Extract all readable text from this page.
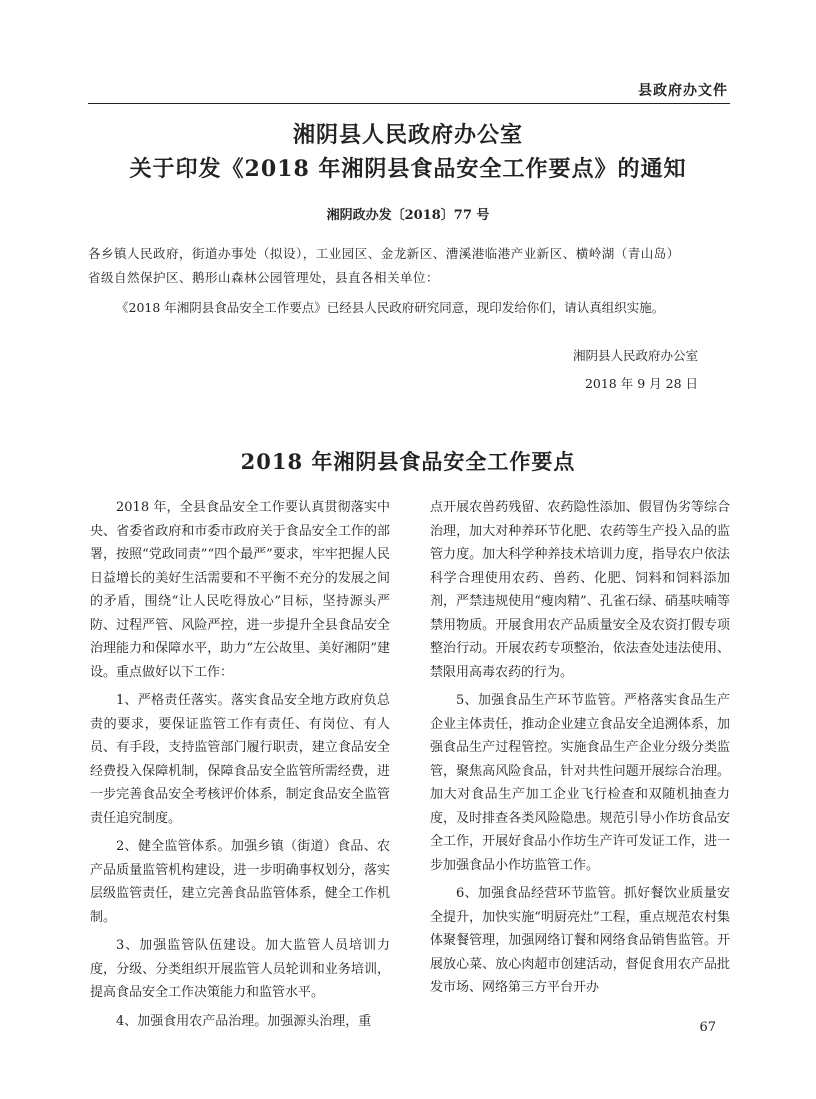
县政府办文件
湘阴县人民政府办公室
关于印发《2018 年湘阴县食品安全工作要点》的通知
湘阴政办发〔2018〕77 号
各乡镇人民政府，街道办事处（拟设），工业园区、金龙新区、漕溪港临港产业新区、横岭湖（青山岛）
省级自然保护区、鹅形山森林公园管理处，县直各相关单位：
《2018 年湘阴县食品安全工作要点》已经县人民政府研究同意，现印发给你们，请认真组织实施。
湘阴县人民政府办公室
2018 年 9 月 28 日
2018 年湘阴县食品安全工作要点

2018 年，全县食品安全工作要认真贯彻落实中央、省委省政府和市委市政府关于食品安全工作的部署，按照“党政同责”“四个最严”要求，牢牢把握人民日益增长的美好生活需要和不平衡不充分的发展之间的矛盾，围绕“让人民吃得放心”目标，坚持源头严防、过程严管、风险严控，进一步提升全县食品安全治理能力和保障水平，助力“左公故里、美好湘阴”建设。重点做好以下工作：

1、严格责任落实。落实食品安全地方政府负总责的要求，要保证监管工作有责任、有岗位、有人员、有手段，支持监管部门履行职责，建立食品安全经费投入保障机制，保障食品安全监管所需经费，进一步完善食品安全考核评价体系，制定食品安全监管责任追究制度。

2、健全监管体系。加强乡镇（街道）食品、农产品质量监管机构建设，进一步明确事权划分，落实层级监管责任，建立完善食品监管体系，健全工作机制。

3、加强监管队伍建设。加大监管人员培训力度，分级、分类组织开展监管人员轮训和业务培训，提高食品安全工作决策能力和监管水平。

4、加强食用农产品治理。加强源头治理，重

点开展农兽药残留、农药隐性添加、假冒伪劣等综合治理，加大对种养环节化肥、农药等生产投入品的监管力度。加大科学种养技术培训力度，指导农户依法科学合理使用农药、兽药、化肥、饲料和饲料添加剂，严禁违规使用“瘦肉精”、孔雀石绿、硝基呋喃等禁用物质。开展食用农产品质量安全及农资打假专项整治行动。开展农药专项整治，依法查处违法使用、禁限用高毒农药的行为。

5、加强食品生产环节监管。严格落实食品生产企业主体责任，推动企业建立食品安全追溯体系，加强食品生产过程管控。实施食品生产企业分级分类监管，聚焦高风险食品，针对共性问题开展综合治理。加大对食品生产加工企业飞行检查和双随机抽查力度，及时排查各类风险隐患。规范引导小作坊食品安全工作，开展好食品小作坊生产许可发证工作，进一步加强食品小作坊监管工作。

6、加强食品经营环节监管。抓好餐饮业质量安全提升，加快实施“明厨亮灶”工程，重点规范农村集体聚餐管理，加强网络订餐和网络食品销售监管。开展放心菜、放心肉超市创建活动，督促食用农产品批发市场、网络第三方平台开办

67
